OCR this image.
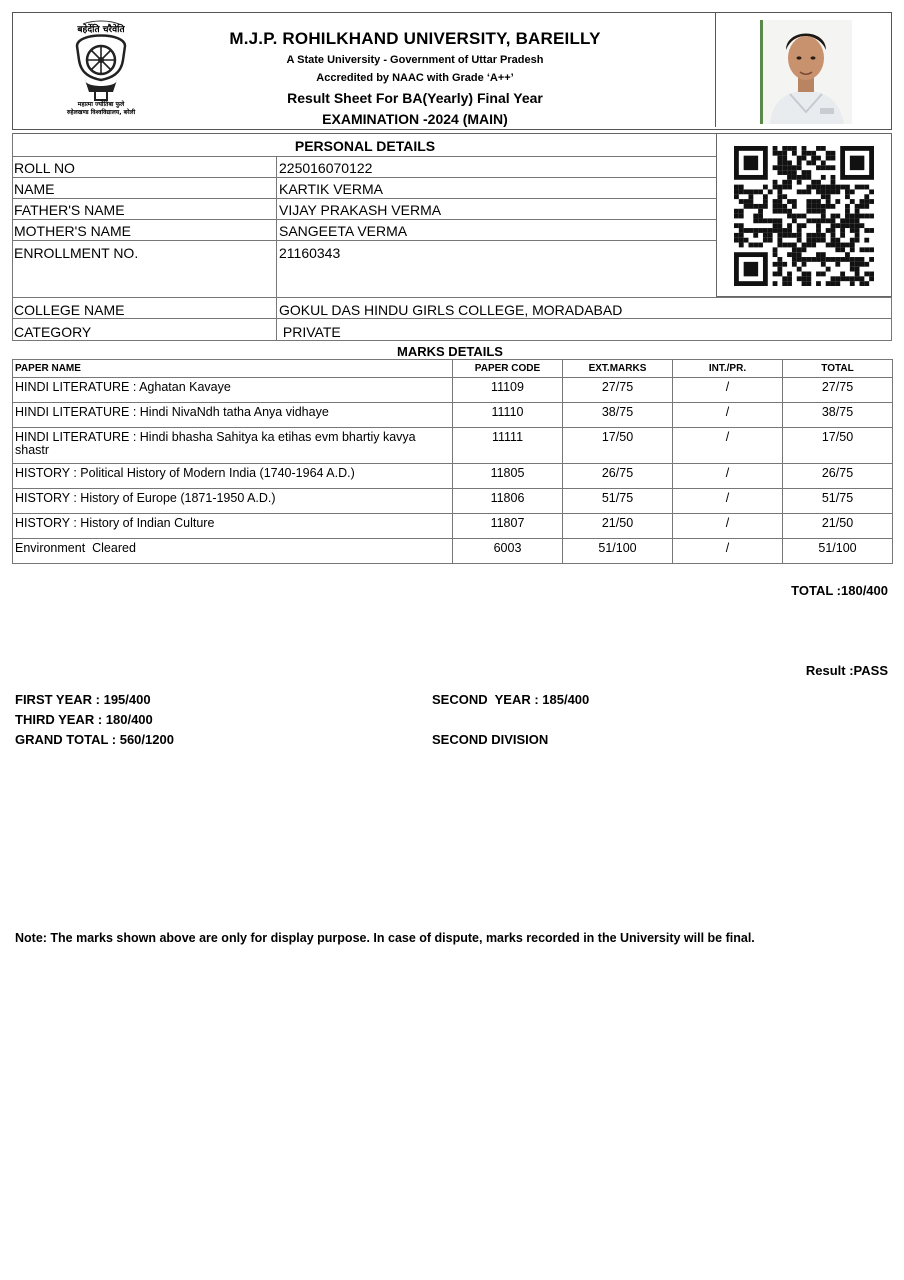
बहेर्देति चरैवेति
महात्मा ज्योतिबा फुले
रुहेलखण्ड विश्वविद्यालय, बरेली
M.J.P. ROHILKHAND UNIVERSITY, BAREILLY
A State University - Government of Uttar Pradesh
Accredited by NAAC with Grade ‘A++’
Result Sheet For BA(Yearly) Final Year
EXAMINATION -2024 (MAIN)
PERSONAL DETAILS
ROLL NO	225016070122
NAME	KARTIK VERMA
FATHER'S NAME	VIJAY PRAKASH VERMA
MOTHER'S NAME	SANGEETA VERMA
ENROLLMENT NO.	21160343
COLLEGE NAME	GOKUL DAS HINDU GIRLS COLLEGE, MORADABAD
CATEGORY	PRIVATE
MARKS DETAILS
PAPER NAME	PAPER CODE	EXT.MARKS	INT./PR.	TOTAL
HINDI LITERATURE : Aghatan Kavaye	11109	27/75	/	27/75
HINDI LITERATURE : Hindi NivaNdh tatha Anya vidhaye	11110	38/75	/	38/75
HINDI LITERATURE : Hindi bhasha Sahitya ka etihas evm bhartiy kavya shastr	11111	17/50	/	17/50
HISTORY : Political History of Modern India (1740-1964 A.D.)	11805	26/75	/	26/75
HISTORY : History of Europe (1871-1950 A.D.)	11806	51/75	/	51/75
HISTORY : History of Indian Culture	11807	21/50	/	21/50
Environment  Cleared	6003	51/100	/	51/100
TOTAL :180/400
Result :PASS
FIRST YEAR : 195/400	SECOND  YEAR : 185/400
THIRD YEAR : 180/400
GRAND TOTAL : 560/1200	SECOND DIVISION
Note: The marks shown above are only for display purpose. In case of dispute, marks recorded in the University will be final.
